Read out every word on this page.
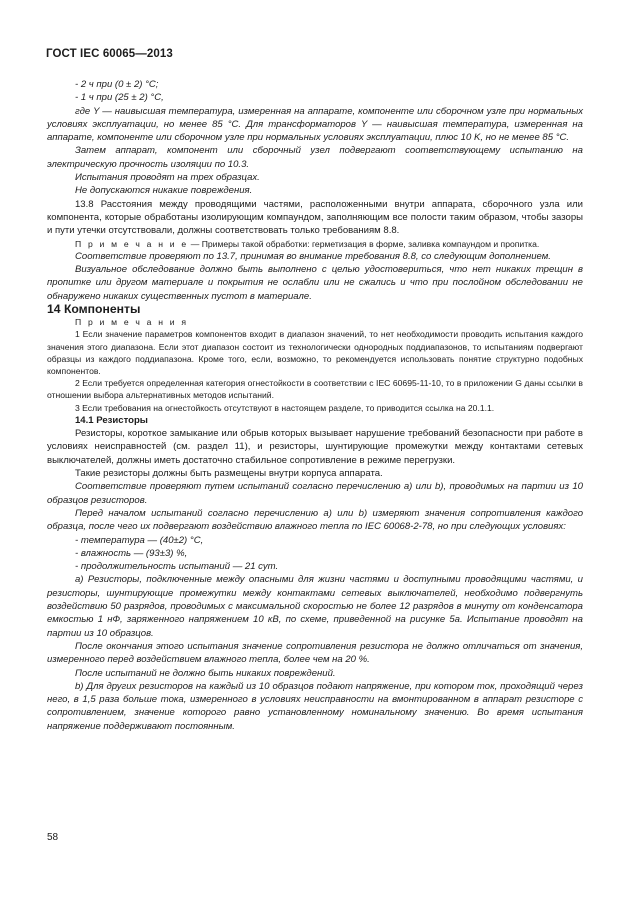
ГОСТ IEC 60065—2013

- 2 ч при (0 ± 2) °С;

- 1 ч при (25 ± 2) °С,

где Y — наивысшая температура, измеренная на аппарате, компоненте или сборочном узле при нормальных условиях эксплуатации, но менее 85 °С. Для трансформаторов Y — наивысшая температура, измеренная на аппарате, компоненте или сборочном узле при нормальных условиях эксплуатации, плюс 10 K, но не менее 85 °С.

Затем аппарат, компонент или сборочный узел подвергают соответствующему испытанию на электрическую прочность изоляции по 10.3.

Испытания проводят на трех образцах.

Не допускаются никакие повреждения.

13.8 Расстояния между проводящими частями, расположенными внутри аппарата, сборочного узла или компонента, которые обработаны изолирующим компаундом, заполняющим все полости таким образом, чтобы зазоры и пути утечки отсутствовали, должны соответствовать только требованиям 8.8.

П р и м е ч а н и е — Примеры такой обработки: герметизация в форме, заливка компаундом и пропитка.

Соответствие проверяют по 13.7, принимая во внимание требования 8.8, со следующим дополнением.

Визуальное обследование должно быть выполнено с целью удостовериться, что нет никаких трещин в пропитке или другом материале и покрытия не ослабли или не сжались и что при послойном обследовании не обнаружено никаких существенных пустот в материале.

14 Компоненты

П р и м е ч а н и я

1 Если значение параметров компонентов входит в диапазон значений, то нет необходимости проводить испытания каждого значения этого диапазона. Если этот диапазон состоит из технологически однородных поддиапазонов, то испытаниям подвергают образцы из каждого поддиапазона. Кроме того, если, возможно, то рекомендуется использовать понятие структурно подобных компонентов.

2 Если требуется определенная категория огнестойкости в соответствии с IEC 60695-11-10, то в приложении G даны ссылки в отношении выбора альтернативных методов испытаний.

3 Если требования на огнестойкость отсутствуют в настоящем разделе, то приводится ссылка на 20.1.1.

14.1 Резисторы

Резисторы, короткое замыкание или обрыв которых вызывает нарушение требований безопасности при работе в условиях неисправностей (см. раздел 11), и резисторы, шунтирующие промежутки между контактами сетевых выключателей, должны иметь достаточно стабильное сопротивление в режиме перегрузки.

Такие резисторы должны быть размещены внутри корпуса аппарата.

Соответствие проверяют путем испытаний согласно перечислению а) или b), проводимых на партии из 10 образцов резисторов.

Перед началом испытаний согласно перечислению а) или b) измеряют значения сопротивления каждого образца, после чего их подвергают воздействию влажного тепла по IEC 60068-2-78, но при следующих условиях:

- температура — (40±2) °С,

- влажность — (93±3) %,

- продолжительность испытаний — 21 сут.

а) Резисторы, подключенные между опасными для жизни частями и доступными проводящими частями, и резисторы, шунтирующие промежутки между контактами сетевых выключателей, необходимо подвергнуть воздействию 50 разрядов, проводимых с максимальной скоростью не более 12 разрядов в минуту от конденсатора емкостью 1 нФ, заряженного напряжением 10 кВ, по схеме, приведенной на рисунке 5а. Испытание проводят на партии из 10 образцов.

После окончания этого испытания значение сопротивления резистора не должно отличаться от значения, измеренного перед воздействием влажного тепла, более чем на 20 %.

После испытаний не должно быть никаких повреждений.

b) Для других резисторов на каждый из 10 образцов подают напряжение, при котором ток, проходящий через него, в 1,5 раза больше тока, измеренного в условиях неисправности на вмонтированном в аппарат резисторе с сопротивлением, значение которого равно установленному номинальному значению. Во время испытания напряжение поддерживают постоянным.

58
